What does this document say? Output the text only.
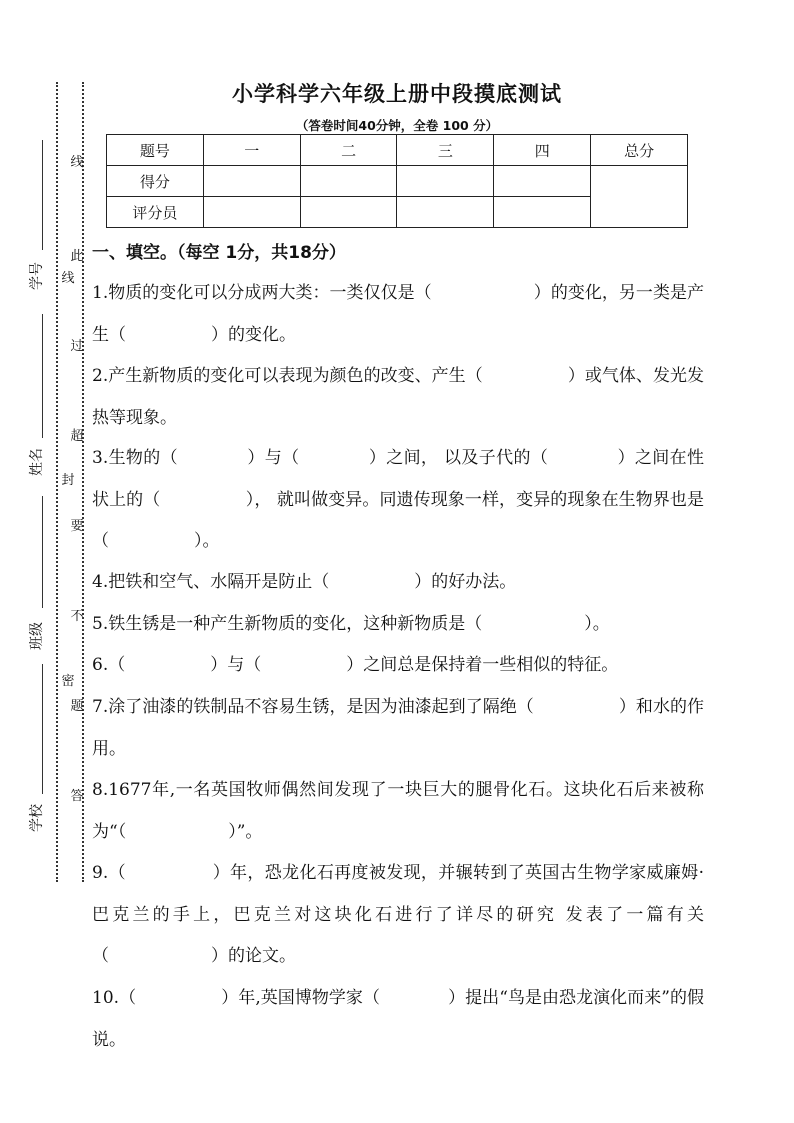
线
线
此
过
超
封
要
不
密
题
答
学号
姓名
班级
学校
小学科学六年级上册中段摸底测试
（答卷时间40分钟，全卷 100 分）
题号	一	二	三	四	总分
得分					
评分员					
一、填空。（每空 1分，共18分）
1.物质的变化可以分成两大类：一类仅仅是（　　　　　　）的变化，另一类是产生（　　　　　）的变化。
2.产生新物质的变化可以表现为颜色的改变、产生（　　　　　）或气体、发光发热等现象。
3.生物的（　　　　）与（　　　　）之间， 以及子代的（　　　　）之间在性状上的（　　　　　）， 就叫做变异。同遗传现象一样，变异的现象在生物界也是（　　　　　）。
4.把铁和空气、水隔开是防止（　　　　　）的好办法。
5.铁生锈是一种产生新物质的变化，这种新物质是（　　　　　　）。
6.（　　　　　）与（　　　　　）之间总是保持着一些相似的特征。
7.涂了油漆的铁制品不容易生锈，是因为油漆起到了隔绝（　　　　　）和水的作用。
8.1677年,一名英国牧师偶然间发现了一块巨大的腿骨化石。这块化石后来被称为“（　　　　　　）”。
9.（　　　　　）年，恐龙化石再度被发现，并辗转到了英国古生物学家威廉姆·巴克兰的手上，巴克兰对这块化石进行了详尽的研究 发表了一篇有关（　　　　　　）的论文。
10.（　　　　　）年,英国博物学家（　　　　）提出“鸟是由恐龙演化而来”的假说。
